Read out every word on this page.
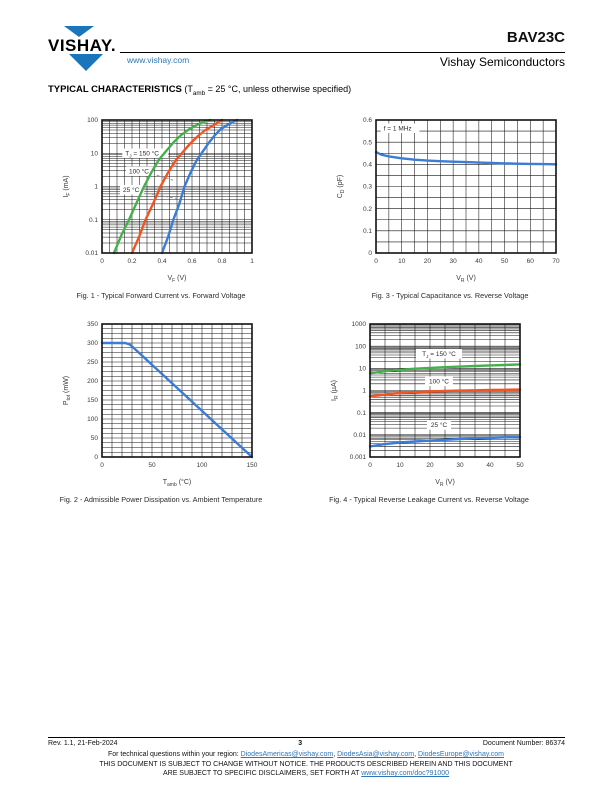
VISHAY.
www.vishay.com
BAV23C
Vishay Semiconductors
TYPICAL CHARACTERISTICS ($T_{amb} = 25$ °C, unless otherwise specified)
$T_J = 150$ °C
100 °C
25 °C
0	0.2	0.4	0.6	0.8	1
0.01
0.1
1
10
100
$V_F$ (V)
$I_F$ (mA)
Fig. 1 - Typical Forward Current vs. Forward Voltage
f = 1 MHz
0	10	20	30	40	50	60	70
0
0.1
0.2
0.3
0.4
0.5
0.6
$V_R$ (V)
$C_D$ (pF)
Fig. 3 - Typical Capacitance vs. Reverse Voltage
0	50	100	150
0
50
100
150
200
250
300
350
$T_{amb}$ (°C)
$P_{tot}$ (mW)
Fig. 2 - Admissible Power Dissipation vs. Ambient Temperature
$T_J = 150$ °C
100 °C
25 °C
0	10	20	30	40	50
0.001
0.01
0.1
1
10
100
1000
$V_R$ (V)
$I_R$ (µA)
Fig. 4 - Typical Reverse Leakage Current vs. Reverse Voltage
Rev. 1.1, 21-Feb-2024	3	Document Number: 86374
For technical questions within your region: DiodesAmericas@vishay.com, DiodesAsia@vishay.com, DiodesEurope@vishay.com
THIS DOCUMENT IS SUBJECT TO CHANGE WITHOUT NOTICE. THE PRODUCTS DESCRIBED HEREIN AND THIS DOCUMENT
ARE SUBJECT TO SPECIFIC DISCLAIMERS, SET FORTH AT www.vishay.com/doc?91000
